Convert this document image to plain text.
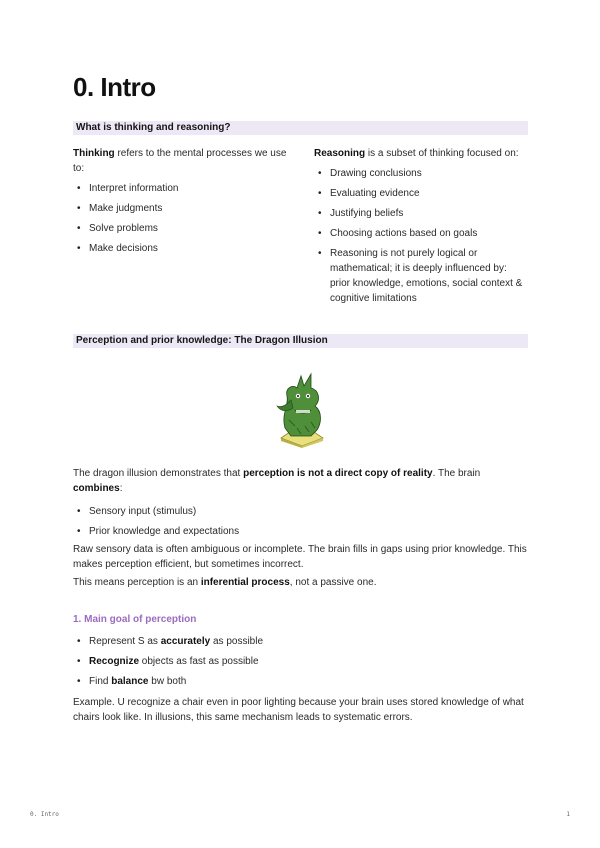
0. Intro
What is thinking and reasoning?

Thinking refers to the mental processes we use to:

• Interpret information
• Make judgments
• Solve problems
• Make decisions

Reasoning is a subset of thinking focused on:

• Drawing conclusions
• Evaluating evidence
• Justifying beliefs
• Choosing actions based on goals
• Reasoning is not purely logical or mathematical; it is deeply influenced by: prior knowledge, emotions, social context & cognitive limitations
Perception and prior knowledge: The Dragon Illusion

The dragon illusion demonstrates that perception is not a direct copy of reality. The brain combines:

• Sensory input (stimulus)
• Prior knowledge and expectations

Raw sensory data is often ambiguous or incomplete. The brain fills in gaps using prior knowledge. This makes perception efficient, but sometimes incorrect.

This means perception is an inferential process, not a passive one.

1. Main goal of perception
• Represent S as accurately as possible
• Recognize objects as fast as possible
• Find balance bw both

Example. U recognize a chair even in poor lighting because your brain uses stored knowledge of what chairs look like. In illusions, this same mechanism leads to systematic errors.

0. Intro	1
